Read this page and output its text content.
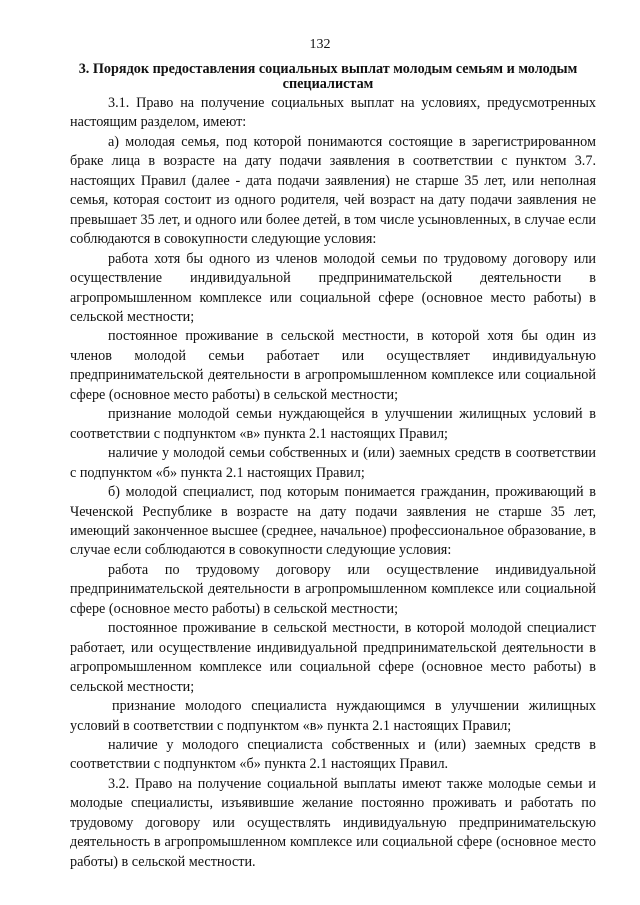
132
3. Порядок предоставления социальных выплат молодым семьям и молодым специалистам

3.1. Право на получение социальных выплат на условиях, предусмотренных настоящим разделом, имеют:

а) молодая семья, под которой понимаются состоящие в зарегистрированном браке лица в возрасте на дату подачи заявления в соответствии с пунктом 3.7. настоящих Правил (далее - дата подачи заявления) не старше 35 лет, или неполная семья, которая состоит из одного родителя, чей возраст на дату подачи заявления не превышает 35 лет, и одного или более детей, в том числе усыновленных, в случае если соблюдаются в совокупности следующие условия:

работа хотя бы одного из членов молодой семьи по трудовому договору или осуществление индивидуальной предпринимательской деятельности в агропромышленном комплексе или социальной сфере (основное место работы) в сельской местности;

постоянное проживание в сельской местности, в которой хотя бы один из членов молодой семьи работает или осуществляет индивидуальную предпринимательской деятельности в агропромышленном комплексе или социальной сфере (основное место работы) в сельской местности;

признание молодой семьи нуждающейся в улучшении жилищных условий в соответствии с подпунктом «в» пункта 2.1 настоящих Правил;

наличие у молодой семьи собственных и (или) заемных средств в соответствии с подпунктом «б» пункта 2.1 настоящих Правил;

б) молодой специалист, под которым понимается гражданин, проживающий в Чеченской Республике в возрасте на дату подачи заявления не старше 35 лет, имеющий законченное высшее (среднее, начальное) профессиональное образование, в случае если соблюдаются в совокупности следующие условия:

работа по трудовому договору или осуществление индивидуальной предпринимательской деятельности в агропромышленном комплексе или социальной сфере (основное место работы) в сельской местности;

постоянное проживание в сельской местности, в которой молодой специалист работает, или осуществление индивидуальной предпринимательской деятельности в агропромышленном комплексе или социальной сфере (основное место работы) в сельской местности;

признание молодого специалиста нуждающимся в улучшении жилищных условий в соответствии с подпунктом «в» пункта 2.1 настоящих Правил;

наличие у молодого специалиста собственных и (или) заемных средств в соответствии с подпунктом «б» пункта 2.1 настоящих Правил.

3.2. Право на получение социальной выплаты имеют также молодые семьи и молодые специалисты, изъявившие желание постоянно проживать и работать по трудовому договору или осуществлять индивидуальную предпринимательскую деятельность в агропромышленном комплексе или социальной сфере (основное место работы) в сельской местности.
